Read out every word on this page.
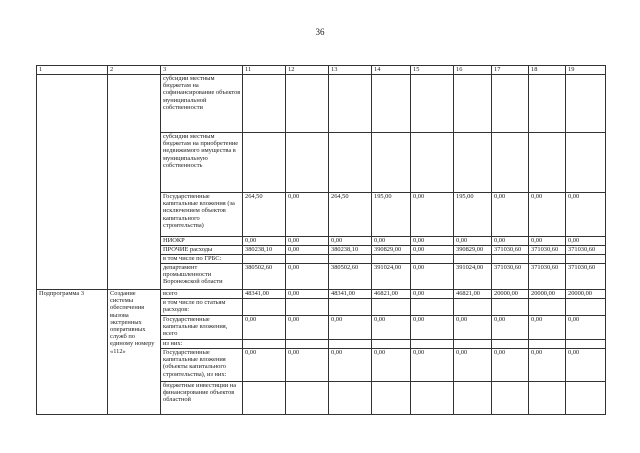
36
1	2	3	11	12	13	14	15	16	17	18	19
		субсидии местным бюджетам на софинансирование объектов муниципальной собственности									
		субсидии местным бюджетам на приобретение недвижимого имущества в муниципальную собственность									
		Государственные капитальные вложения (за исключением объектов капитального строительства)	264,50	0,00	264,50	195,00	0,00	195,00	0,00	0,00	0,00
		НИОКР	0,00	0,00	0,00	0,00	0,00	0,00	0,00	0,00	0,00
		ПРОЧИЕ расходы	380238,10	0,00	380238,10	390829,00	0,00	390829,00	371030,60	371030,60	371030,60
		в том числе по ГРБС:									
		департамент промышленности Воронежской области	380502,60	0,00	380502,60	391024,00	0,00	391024,00	371030,60	371030,60	371030,60
Подпрограмма 3	Создание системы обеспечения вызова экстренных оперативных служб по единому номеру «112»	всего	48341,00	0,00	48341,00	46821,00	0,00	46821,00	20000,00	20000,00	20000,00
		в том числе по статьям расходов:									
		Государственные капитальные вложения, всего	0,00	0,00	0,00	0,00	0,00	0,00	0,00	0,00	0,00
		из них:									
		Государственные капитальные вложения (объекты капитального строительства), из них:	0,00	0,00	0,00	0,00	0,00	0,00	0,00	0,00	0,00
		бюджетные инвестиции на финансирование объектов областной									
